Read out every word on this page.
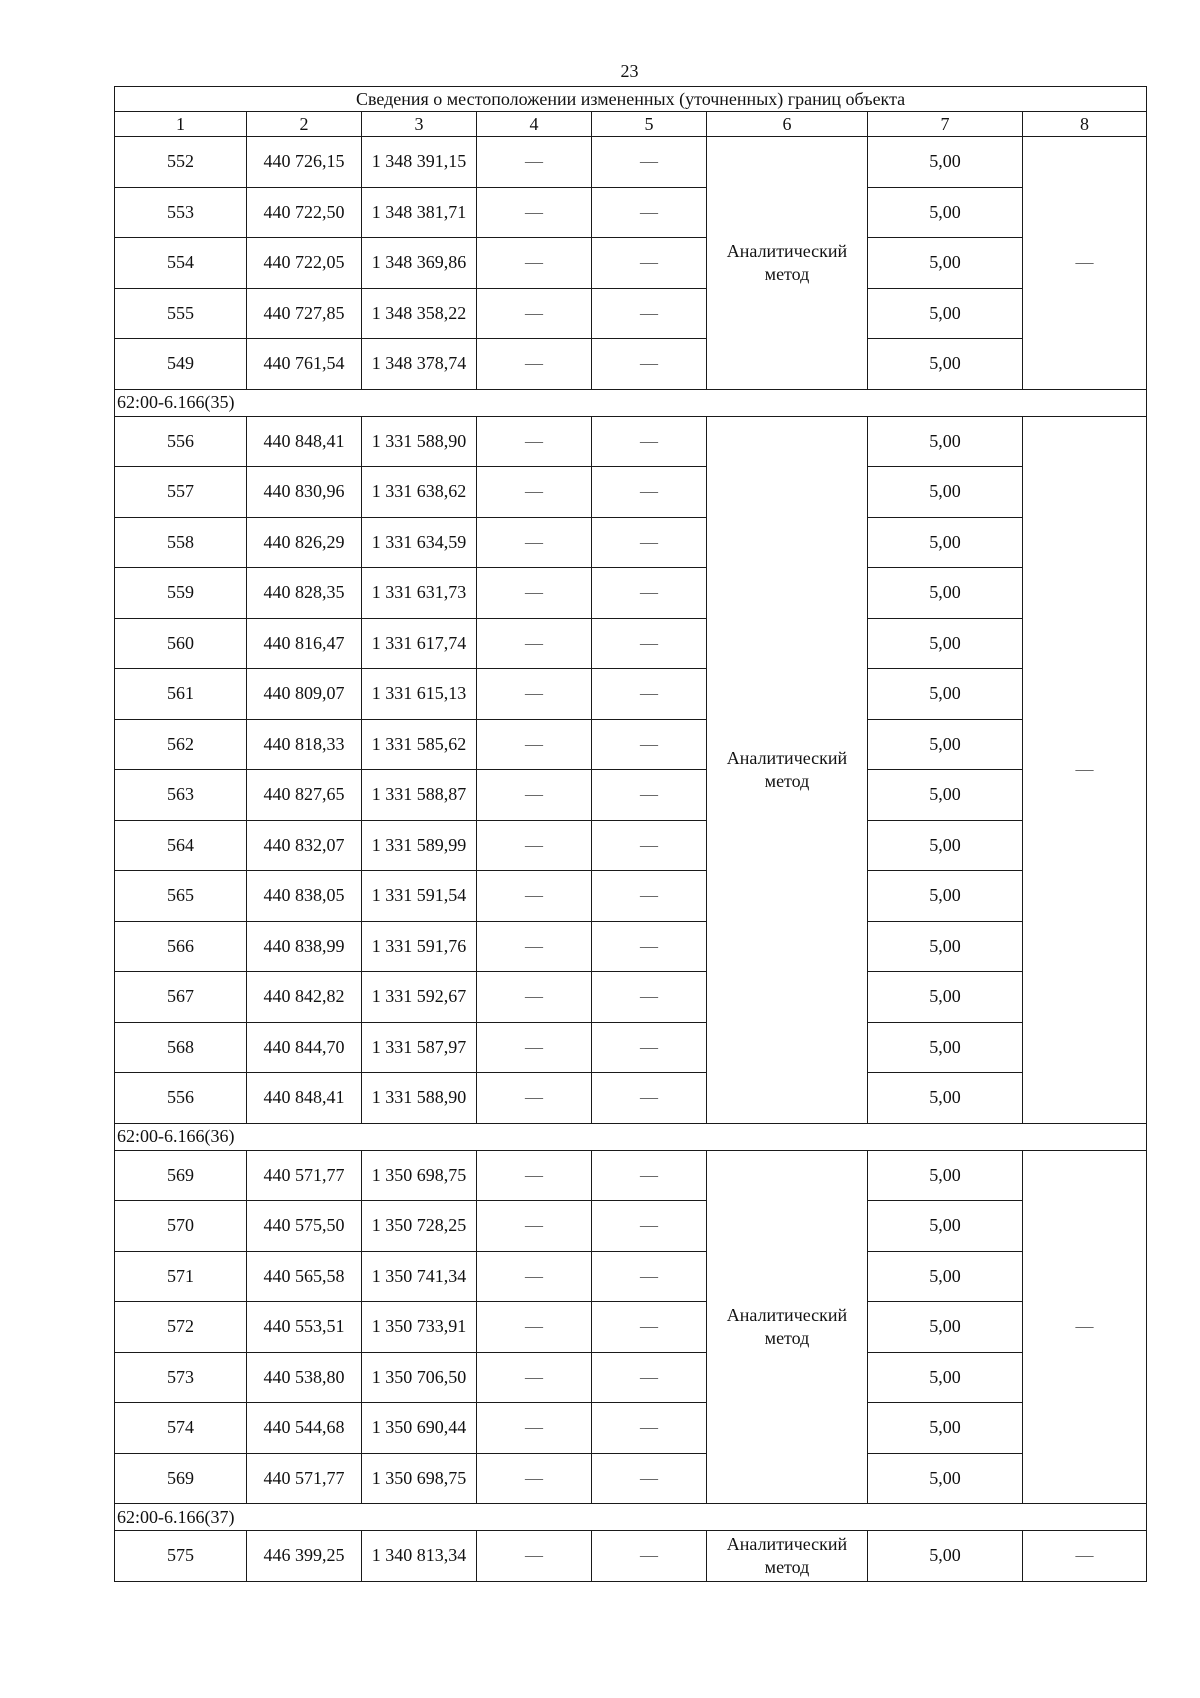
23
Сведения о местоположении измененных (уточненных) границ объекта							
1	2	3	4	5	6	7	8
552	440 726,15	1 348 391,15	—	—	Аналитический метод	5,00	—
553	440 722,50	1 348 381,71	—	—		5,00	
554	440 722,05	1 348 369,86	—	—		5,00	
555	440 727,85	1 348 358,22	—	—		5,00	
549	440 761,54	1 348 378,74	—	—		5,00	
62:00-6.166(35)							
556	440 848,41	1 331 588,90	—	—	Аналитический метод	5,00	—
557	440 830,96	1 331 638,62	—	—		5,00	
558	440 826,29	1 331 634,59	—	—		5,00	
559	440 828,35	1 331 631,73	—	—		5,00	
560	440 816,47	1 331 617,74	—	—		5,00	
561	440 809,07	1 331 615,13	—	—		5,00	
562	440 818,33	1 331 585,62	—	—		5,00	
563	440 827,65	1 331 588,87	—	—		5,00	
564	440 832,07	1 331 589,99	—	—		5,00	
565	440 838,05	1 331 591,54	—	—		5,00	
566	440 838,99	1 331 591,76	—	—		5,00	
567	440 842,82	1 331 592,67	—	—		5,00	
568	440 844,70	1 331 587,97	—	—		5,00	
556	440 848,41	1 331 588,90	—	—		5,00	
62:00-6.166(36)							
569	440 571,77	1 350 698,75	—	—	Аналитический метод	5,00	—
570	440 575,50	1 350 728,25	—	—		5,00	
571	440 565,58	1 350 741,34	—	—		5,00	
572	440 553,51	1 350 733,91	—	—		5,00	
573	440 538,80	1 350 706,50	—	—		5,00	
574	440 544,68	1 350 690,44	—	—		5,00	
569	440 571,77	1 350 698,75	—	—		5,00	
62:00-6.166(37)							
575	446 399,25	1 340 813,34	—	—	Аналитический метод	5,00	—
